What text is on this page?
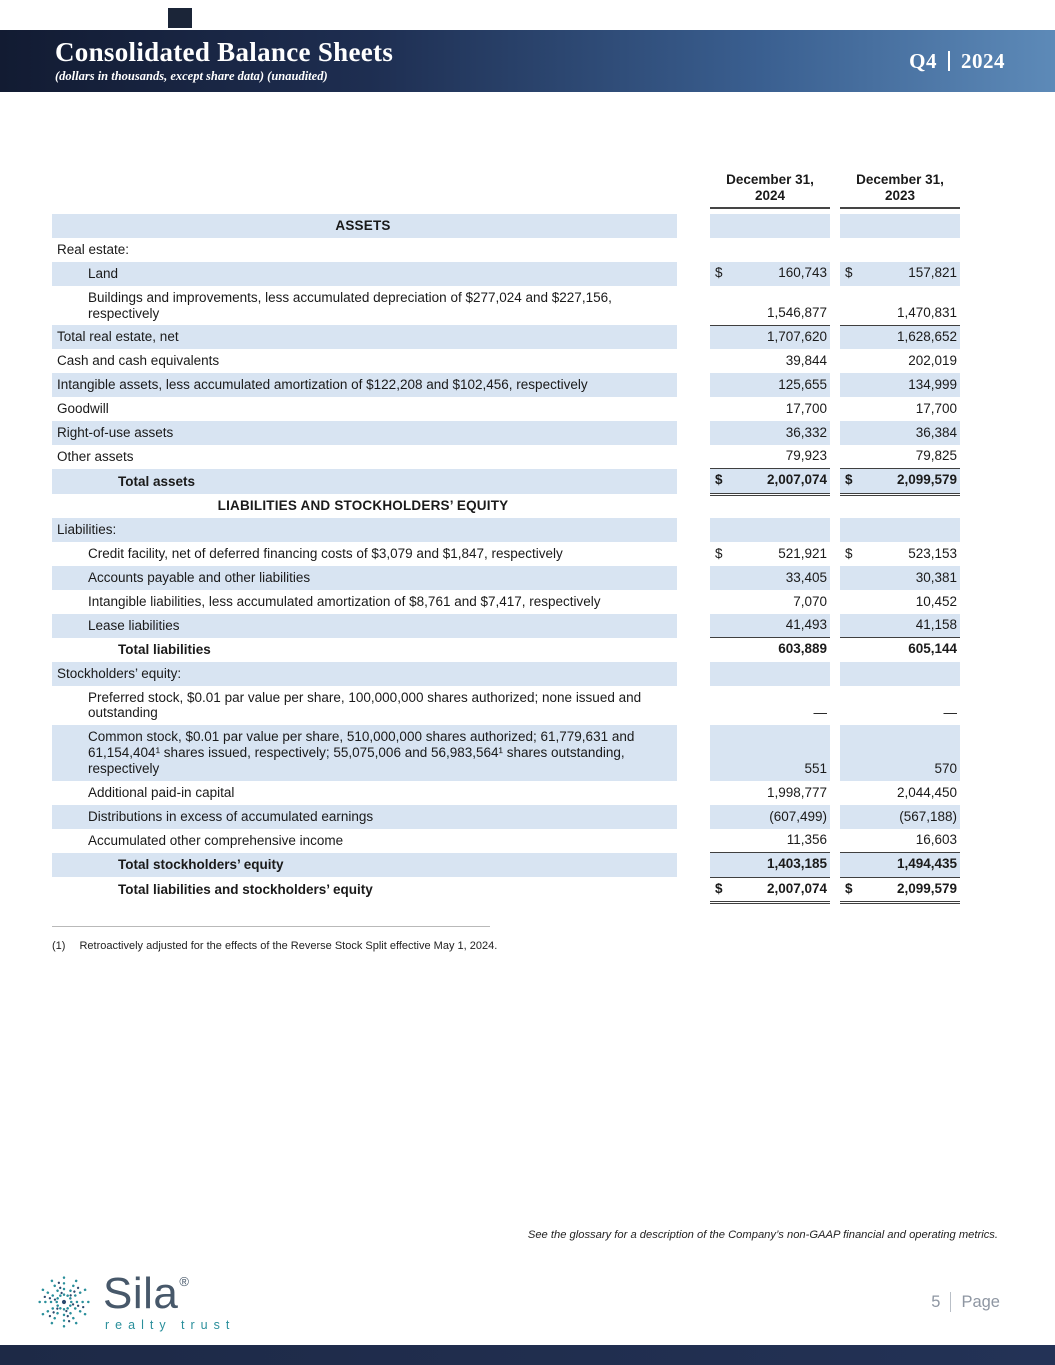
Consolidated Balance Sheets
(dollars in thousands, except share data) (unaudited)
Q4 2024

December 31,
2024

December 31,
2023

ASSETS		

Real estate:		

Land		$ 160,743		$ 157,821

Buildings and improvements, less accumulated depreciation of $277,024 and $227,156, respectively		1,546,877		1,470,831

Total real estate, net		1,707,620		1,628,652

Cash and cash equivalents		39,844		202,019

Intangible assets, less accumulated amortization of $122,208 and $102,456, respectively		125,655		134,999

Goodwill		17,700		17,700

Right-of-use assets		36,332		36,384

Other assets		79,923		79,825

Total assets		$ 2,007,074		$ 2,099,579

LIABILITIES AND STOCKHOLDERS’ EQUITY		

Liabilities:		

Credit facility, net of deferred financing costs of $3,079 and $1,847, respectively		$ 521,921		$ 523,153

Accounts payable and other liabilities		33,405		30,381

Intangible liabilities, less accumulated amortization of $8,761 and $7,417, respectively		7,070		10,452

Lease liabilities		41,493		41,158

Total liabilities		603,889		605,144

Stockholders’ equity:		

Preferred stock, $0.01 par value per share, 100,000,000 shares authorized; none issued and outstanding		—		—

Common stock, $0.01 par value per share, 510,000,000 shares authorized; 61,779,631 and 61,154,404¹ shares issued, respectively; 55,075,006 and 56,983,564¹ shares outstanding, respectively		551		570

Additional paid-in capital		1,998,777		2,044,450

Distributions in excess of accumulated earnings		(607,499)		(567,188)

Accumulated other comprehensive income		11,356		16,603

Total stockholders’ equity		1,403,185		1,494,435

Total liabilities and stockholders’ equity		$ 2,007,074		$ 2,099,579
(1) Retroactively adjusted for the effects of the Reverse Stock Split effective May 1, 2024.
See the glossary for a description of the Company’s non-GAAP financial and operating metrics.
Sila®
realty trust
5 Page
